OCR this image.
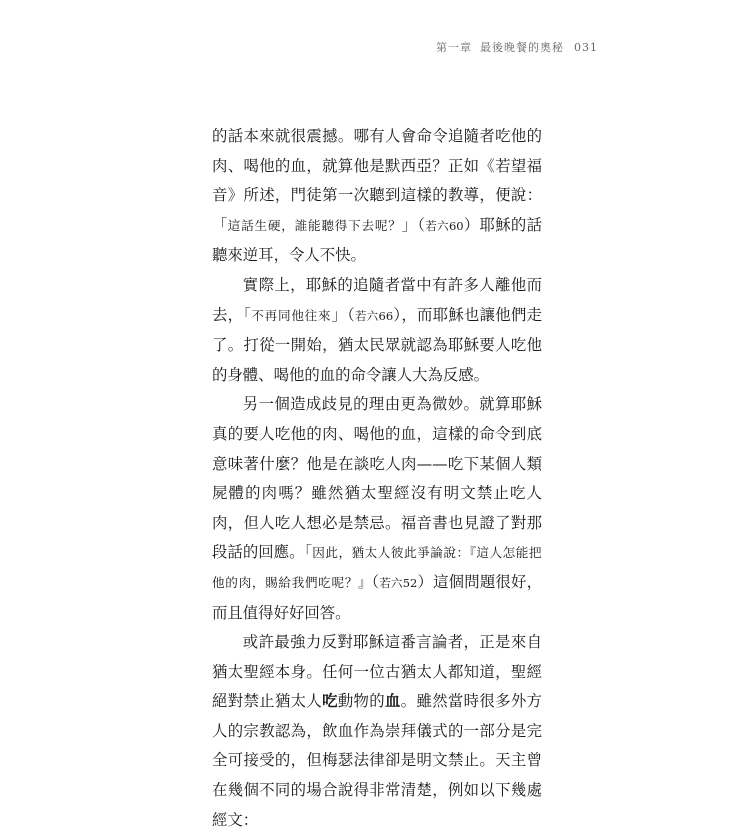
第一章 最後晚餐的奧秘 031

的話本來就很震撼。哪有人會命令追隨者吃他的肉、喝他的血，就算他是默西亞？正如《若望福音》所述，門徒第一次聽到這樣的教導，便說：「這話生硬，誰能聽得下去呢？」（若六60）耶穌的話聽來逆耳，令人不快。

實際上，耶穌的追隨者當中有許多人離他而去，「不再同他往來」（若六66），而耶穌也讓他們走了。打從一開始，猶太民眾就認為耶穌要人吃他的身體、喝他的血的命令讓人大為反感。

另一個造成歧見的理由更為微妙。就算耶穌真的要人吃他的肉、喝他的血，這樣的命令到底意味著什麼？他是在談吃人肉——吃下某個人類屍體的肉嗎？雖然猶太聖經沒有明文禁止吃人肉，但人吃人想必是禁忌。福音書也見證了對那段話的回應。「因此，猶太人彼此爭論說：『這人怎能把他的肉，賜給我們吃呢？』（若六52）這個問題很好，而且值得好好回答。

或許最強力反對耶穌這番言論者，正是來自猶太聖經本身。任何一位古猶太人都知道，聖經絕對禁止猶太人吃動物的血。雖然當時很多外方人的宗教認為，飲血作為崇拜儀式的一部分是完全可接受的，但梅瑟法律卻是明文禁止。天主曾在幾個不同的場合說得非常清楚，例如以下幾處經文：
